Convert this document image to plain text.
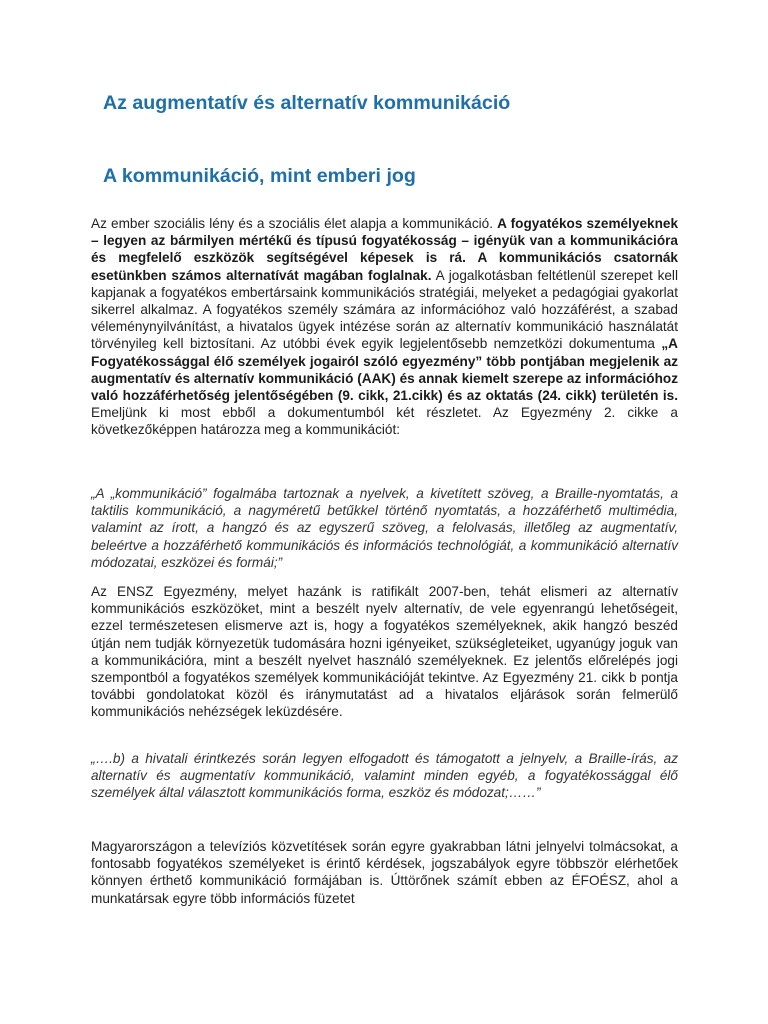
Az augmentatív és alternatív kommunikáció
A kommunikáció, mint emberi jog

Az ember szociális lény és a szociális élet alapja a kommunikáció. A fogyatékos személyeknek – legyen az bármilyen mértékű és típusú fogyatékosság – igényük van a kommunikációra és megfelelő eszközök segítségével képesek is rá. A kommunikációs csatornák esetünkben számos alternatívát magában foglalnak. A jogalkotásban feltétlenül szerepet kell kapjanak a fogyatékos embertársaink kommunikációs stratégiái, melyeket a pedagógiai gyakorlat sikerrel alkalmaz. A fogyatékos személy számára az információhoz való hozzáférést, a szabad véleménynyilvánítást, a hivatalos ügyek intézése során az alternatív kommunikáció használatát törvényileg kell biztosítani. Az utóbbi évek egyik legjelentősebb nemzetközi dokumentuma „A Fogyatékossággal élő személyek jogairól szóló egyezmény” több pontjában megjelenik az augmentatív és alternatív kommunikáció (AAK) és annak kiemelt szerepe az információhoz való hozzáférhetőség jelentőségében (9. cikk, 21.cikk) és az oktatás (24. cikk) területén is. Emeljünk ki most ebből a dokumentumból két részletet. Az Egyezmény 2. cikke a következőképpen határozza meg a kommunikációt:

„A „kommunikáció” fogalmába tartoznak a nyelvek, a kivetített szöveg, a Braille-nyomtatás, a taktilis kommunikáció, a nagyméretű betűkkel történő nyomtatás, a hozzáférhető multimédia, valamint az írott, a hangzó és az egyszerű szöveg, a felolvasás, illetőleg az augmentatív, beleértve a hozzáférhető kommunikációs és információs technológiát, a kommunikáció alternatív módozatai, eszközei és formái;”

Az ENSZ Egyezmény, melyet hazánk is ratifikált 2007-ben, tehát elismeri az alternatív kommunikációs eszközöket, mint a beszélt nyelv alternatív, de vele egyenrangú lehetőségeit, ezzel természetesen elismerve azt is, hogy a fogyatékos személyeknek, akik hangzó beszéd útján nem tudják környezetük tudomására hozni igényeiket, szükségleteiket, ugyanúgy joguk van a kommunikációra, mint a beszélt nyelvet használó személyeknek. Ez jelentős előrelépés jogi szempontból a fogyatékos személyek kommunikációját tekintve. Az Egyezmény 21. cikk b pontja további gondolatokat közöl és iránymutatást ad a hivatalos eljárások során felmerülő kommunikációs nehézségek leküzdésére.

„….b) a hivatali érintkezés során legyen elfogadott és támogatott a jelnyelv, a Braille-írás, az alternatív és augmentatív kommunikáció, valamint minden egyéb, a fogyatékossággal élő személyek által választott kommunikációs forma, eszköz és módozat;……”

Magyarországon a televíziós közvetítések során egyre gyakrabban látni jelnyelvi tolmácsokat, a fontosabb fogyatékos személyeket is érintő kérdések, jogszabályok egyre többször elérhetőek könnyen érthető kommunikáció formájában is. Úttörőnek számít ebben az ÉFOÉSZ, ahol a munkatársak egyre több információs füzetet
